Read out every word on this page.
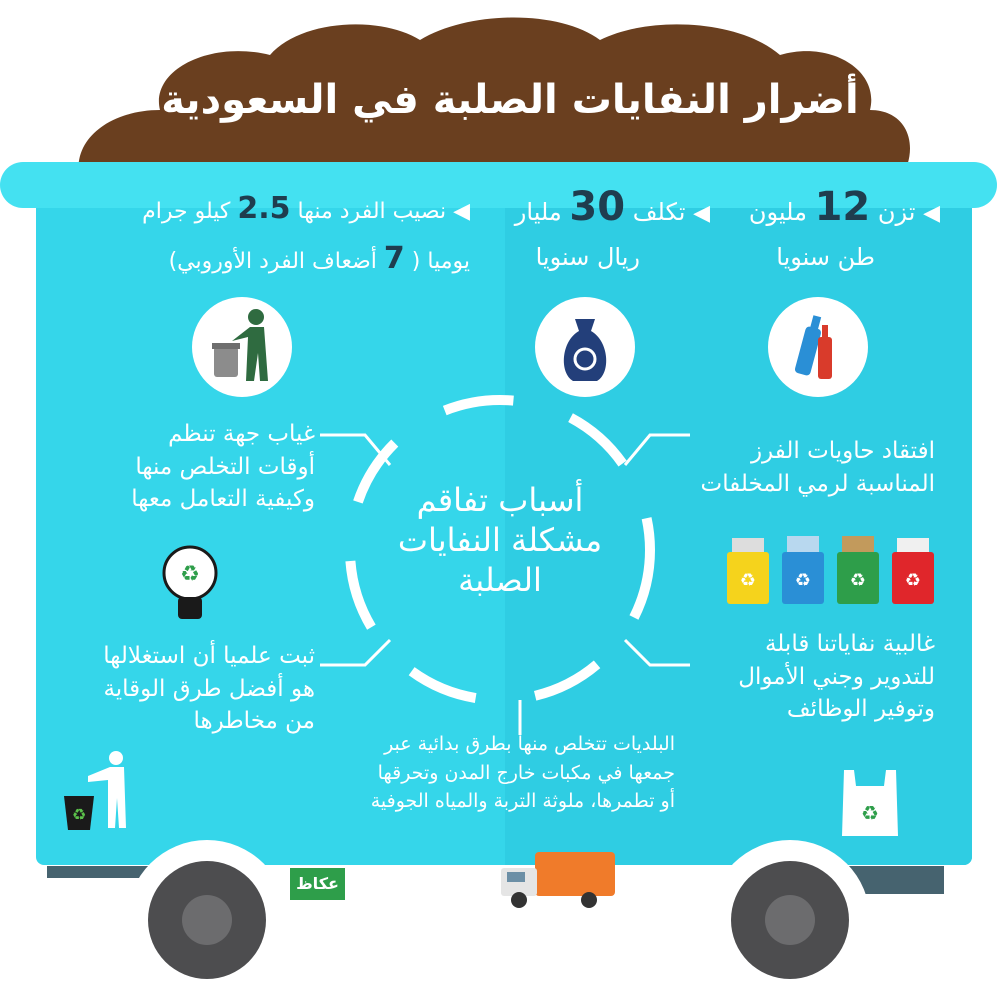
أضرار النفايات الصلبة في السعودية
◀ تزن 12 مليون
طن سنويا
◀ تكلف 30 مليار
ريال سنويا
◀ نصيب الفرد منها 2.5 كيلو جرام
يوميا ( 7 أضعاف الفرد الأوروبي)
أسباب تفاقم
مشكلة النفايات
الصلبة
غياب جهة تنظم
أوقات التخلص منها
وكيفية التعامل معها
افتقاد حاويات الفرز
المناسبة لرمي المخلفات
ثبت علميا أن استغلالها
هو أفضل طرق الوقاية
من مخاطرها
غالبية نفاياتنا قابلة
للتدوير وجني الأموال
وتوفير الوظائف
البلديات تتخلص منها بطرق بدائية عبر
جمعها في مكبات خارج المدن وتحرقها
أو تطمرها، ملوثة التربة والمياه الجوفية
♻	♻ ♻ ♻ ♻
♻	♻
عكاظ	تصميم: عبدالرحمن الصغير
@dndoOon_afo
